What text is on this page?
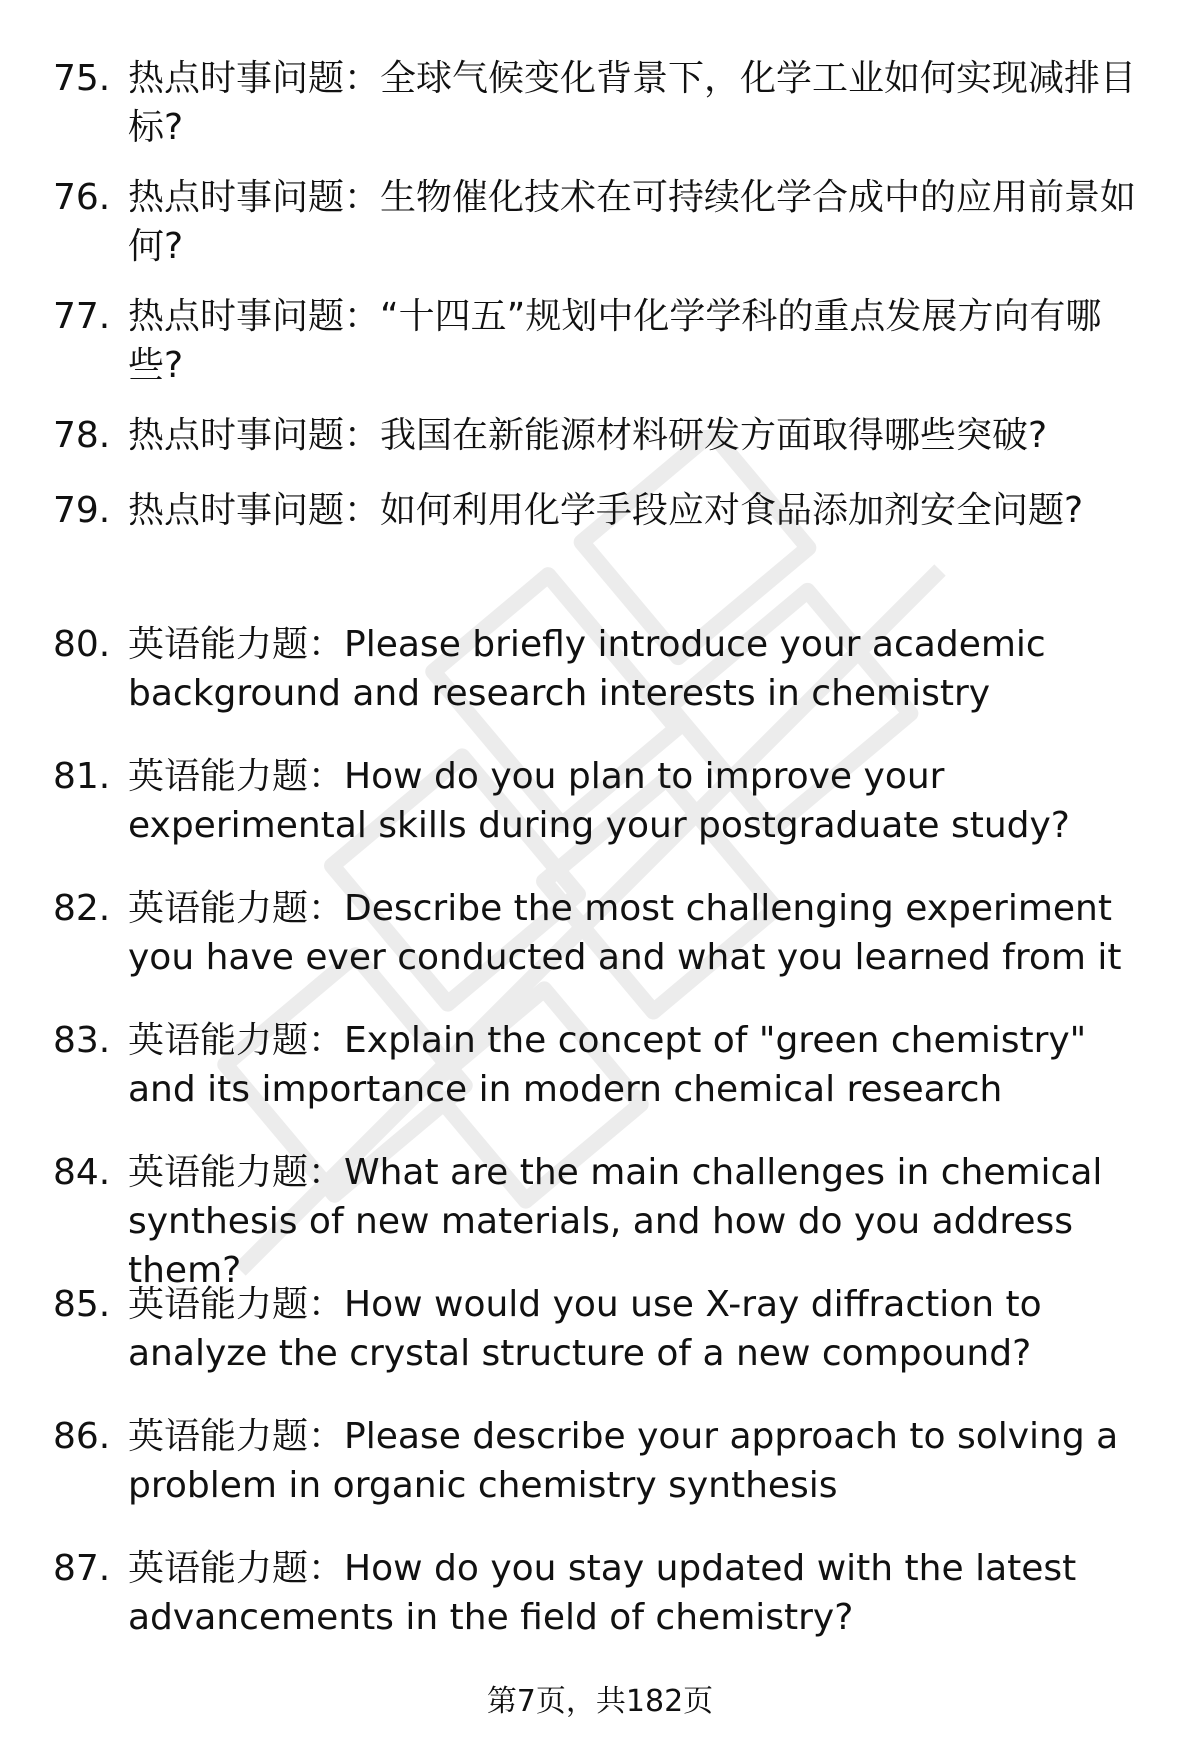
75. 热点时事问题：全球气候变化背景下，化学工业如何实现减排目标?
76. 热点时事问题：生物催化技术在可持续化学合成中的应用前景如何?
77. 热点时事问题：“十四五”规划中化学学科的重点发展方向有哪些?
78. 热点时事问题：我国在新能源材料研发方面取得哪些突破?
79. 热点时事问题：如何利用化学手段应对食品添加剂安全问题?
80. 英语能力题：Please briefly introduce your academic background and research interests in chemistry
81. 英语能力题：How do you plan to improve your experimental skills during your postgraduate study?
82. 英语能力题：Describe the most challenging experiment you have ever conducted and what you learned from it
83. 英语能力题：Explain the concept of "green chemistry" and its importance in modern chemical research
84. 英语能力题：What are the main challenges in chemical synthesis of new materials, and how do you address them?
85. 英语能力题：How would you use X-ray diffraction to analyze the crystal structure of a new compound?
86. 英语能力题：Please describe your approach to solving a problem in organic chemistry synthesis
87. 英语能力题：How do you stay updated with the latest advancements in the field of chemistry?
第7页，共182页
